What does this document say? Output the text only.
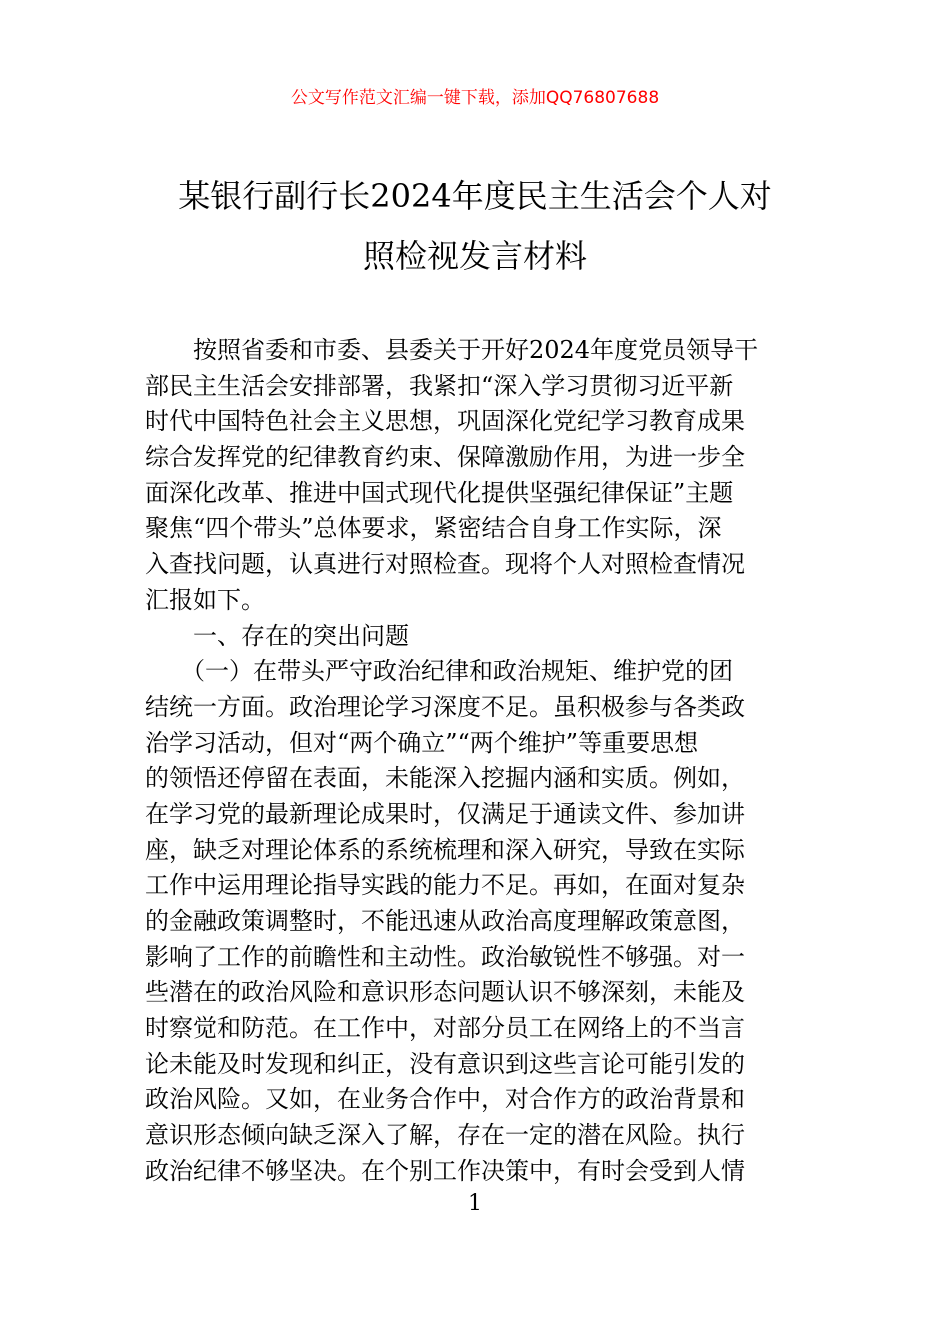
公文写作范文汇编一键下载，添加QQ76807688
某银行副行长2024年度民主生活会个人对
照检视发言材料
　　按照省委和市委、县委关于开好2024年度党员领导干
部民主生活会安排部署，我紧扣“深入学习贯彻习近平新
时代中国特色社会主义思想，巩固深化党纪学习教育成果
综合发挥党的纪律教育约束、保障激励作用，为进一步全
面深化改革、推进中国式现代化提供坚强纪律保证”主题
聚焦“四个带头”总体要求，紧密结合自身工作实际，深
入查找问题，认真进行对照检查。现将个人对照检查情况
汇报如下。
　　一、存在的突出问题
　　（一）在带头严守政治纪律和政治规矩、维护党的团
结统一方面。政治理论学习深度不足。虽积极参与各类政
治学习活动，但对“两个确立”“两个维护”等重要思想
的领悟还停留在表面，未能深入挖掘内涵和实质。例如，
在学习党的最新理论成果时，仅满足于通读文件、参加讲
座，缺乏对理论体系的系统梳理和深入研究，导致在实际
工作中运用理论指导实践的能力不足。再如，在面对复杂
的金融政策调整时，不能迅速从政治高度理解政策意图，
影响了工作的前瞻性和主动性。政治敏锐性不够强。对一
些潜在的政治风险和意识形态问题认识不够深刻，未能及
时察觉和防范。在工作中，对部分员工在网络上的不当言
论未能及时发现和纠正，没有意识到这些言论可能引发的
政治风险。又如，在业务合作中，对合作方的政治背景和
意识形态倾向缺乏深入了解，存在一定的潜在风险。执行
政治纪律不够坚决。在个别工作决策中，有时会受到人情
1
